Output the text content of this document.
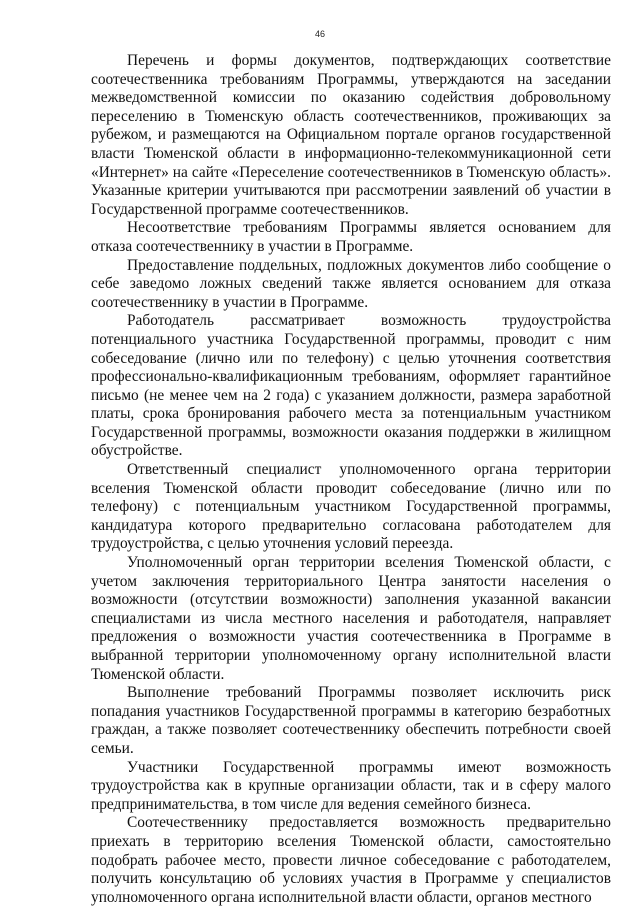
46

Перечень и формы документов, подтверждающих соответствие соотечественника требованиям Программы, утверждаются на заседании межведомственной комиссии по оказанию содействия добровольному переселению в Тюменскую область соотечественников, проживающих за рубежом, и размещаются на Официальном портале органов государственной власти Тюменской области в информационно-телекоммуникационной сети «Интернет» на сайте «Переселение соотечественников в Тюменскую область». Указанные критерии учитываются при рассмотрении заявлений об участии в Государственной программе соотечественников.

Несоответствие требованиям Программы является основанием для отказа соотечественнику в участии в Программе.

Предоставление поддельных, подложных документов либо сообщение о себе заведомо ложных сведений также является основанием для отказа соотечественнику в участии в Программе.

Работодатель рассматривает возможность трудоустройства потенциального участника Государственной программы, проводит с ним собеседование (лично или по телефону) с целью уточнения соответствия профессионально-квалификационным требованиям, оформляет гарантийное письмо (не менее чем на 2 года) с указанием должности, размера заработной платы, срока бронирования рабочего места за потенциальным участником Государственной программы, возможности оказания поддержки в жилищном обустройстве.

Ответственный специалист уполномоченного органа территории вселения Тюменской области проводит собеседование (лично или по телефону) с потенциальным участником Государственной программы, кандидатура которого предварительно согласована работодателем для трудоустройства, с целью уточнения условий переезда.

Уполномоченный орган территории вселения Тюменской области, с учетом заключения территориального Центра занятости населения о возможности (отсутствии возможности) заполнения указанной вакансии специалистами из числа местного населения и работодателя, направляет предложения о возможности участия соотечественника в Программе в выбранной территории уполномоченному органу исполнительной власти Тюменской области.

Выполнение требований Программы позволяет исключить риск попадания участников Государственной программы в категорию безработных граждан, а также позволяет соотечественнику обеспечить потребности своей семьи.

Участники Государственной программы имеют возможность трудоустройства как в крупные организации области, так и в сферу малого предпринимательства, в том числе для ведения семейного бизнеса.

Соотечественнику предоставляется возможность предварительно приехать в территорию вселения Тюменской области, самостоятельно подобрать рабочее место, провести личное собеседование с работодателем, получить консультацию об условиях участия в Программе у специалистов уполномоченного органа исполнительной власти области, органов местного
